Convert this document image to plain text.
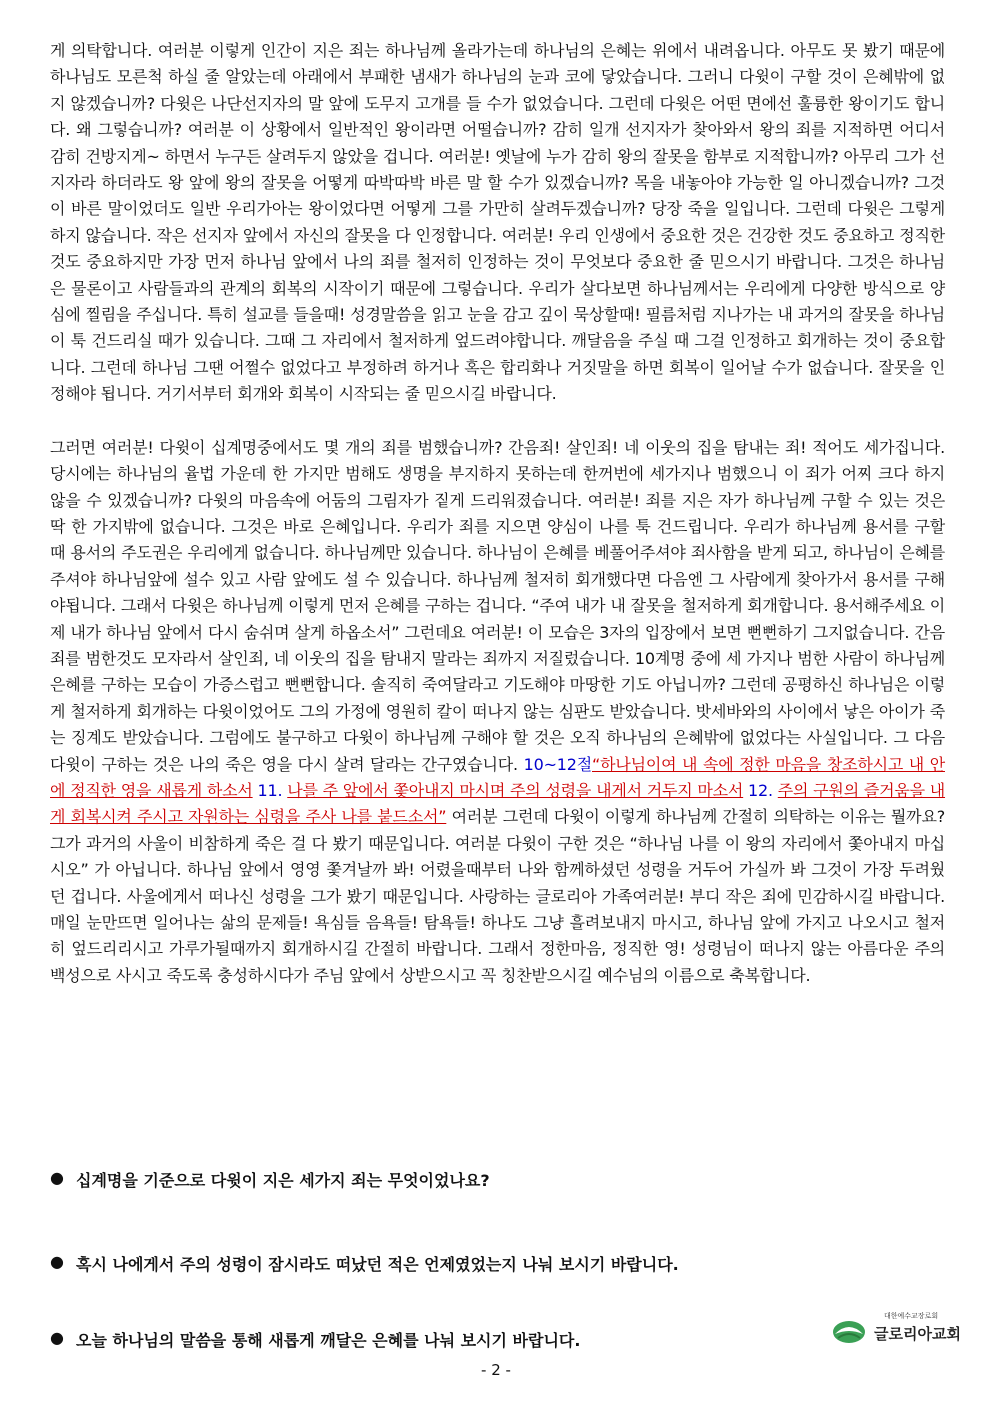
게 의탁합니다. 여러분 이렇게 인간이 지은 죄는 하나님께 올라가는데 하나님의 은혜는 위에서 내려옵니다. 아무도 못 봤기 때문에 하나님도 모른척 하실 줄 알았는데 아래에서 부패한 냄새가 하나님의 눈과 코에 닿았습니다. 그러니 다윗이 구할 것이 은혜밖에 없지 않겠습니까? 다윗은 나단선지자의 말 앞에 도무지 고개를 들 수가 없었습니다. 그런데 다윗은 어떤 면에선 훌륭한 왕이기도 합니다. 왜 그렇습니까? 여러분 이 상황에서 일반적인 왕이라면 어떨습니까? 감히 일개 선지자가 찾아와서 왕의 죄를 지적하면 어디서 감히 건방지게~ 하면서 누구든 살려두지 않았을 겁니다. 여러분! 옛날에 누가 감히 왕의 잘못을 함부로 지적합니까? 아무리 그가 선지자라 하더라도 왕 앞에 왕의 잘못을 어떻게 따박따박 바른 말 할 수가 있겠습니까? 목을 내놓아야 가능한 일 아니겠습니까? 그것이 바른 말이었더도 일반 우리가아는 왕이었다면 어떻게 그를 가만히 살려두겠습니까? 당장 죽을 일입니다. 그런데 다윗은 그렇게 하지 않습니다. 작은 선지자 앞에서 자신의 잘못을 다 인정합니다. 여러분! 우리 인생에서 중요한 것은 건강한 것도 중요하고 정직한 것도 중요하지만 가장 먼저 하나님 앞에서 나의 죄를 철저히 인정하는 것이 무엇보다 중요한 줄 믿으시기 바랍니다. 그것은 하나님은 물론이고 사람들과의 관계의 회복의 시작이기 때문에 그렇습니다. 우리가 살다보면 하나님께서는 우리에게 다양한 방식으로 양심에 찔림을 주십니다. 특히 설교를 들을때! 성경말씀을 읽고 눈을 감고 깊이 묵상할때! 필름처럼 지나가는 내 과거의 잘못을 하나님이 툭 건드리실 때가 있습니다. 그때 그 자리에서 철저하게 엎드려야합니다. 깨달음을 주실 때 그걸 인정하고 회개하는 것이 중요합니다. 그런데 하나님 그땐 어쩔수 없었다고 부정하려 하거나 혹은 합리화나 거짓말을 하면 회복이 일어날 수가 없습니다. 잘못을 인정해야 됩니다. 거기서부터 회개와 회복이 시작되는 줄 믿으시길 바랍니다.

그러면 여러분! 다윗이 십계명중에서도 몇 개의 죄를 범했습니까? 간음죄! 살인죄! 네 이웃의 집을 탐내는 죄! 적어도 세가집니다. 당시에는 하나님의 율법 가운데 한 가지만 범해도 생명을 부지하지 못하는데 한꺼번에 세가지나 범했으니 이 죄가 어찌 크다 하지 않을 수 있겠습니까? 다윗의 마음속에 어둠의 그림자가 짙게 드리워졌습니다. 여러분! 죄를 지은 자가 하나님께 구할 수 있는 것은 딱 한 가지밖에 없습니다. 그것은 바로 은혜입니다. 우리가 죄를 지으면 양심이 나를 툭 건드립니다. 우리가 하나님께 용서를 구할 때 용서의 주도권은 우리에게 없습니다. 하나님께만 있습니다. 하나님이 은혜를 베풀어주셔야 죄사함을 받게 되고, 하나님이 은혜를 주셔야 하나님앞에 설수 있고 사람 앞에도 설 수 있습니다. 하나님께 철저히 회개했다면 다음엔 그 사람에게 찾아가서 용서를 구해야됩니다. 그래서 다윗은 하나님께 이렇게 먼저 은혜를 구하는 겁니다. “주여 내가 내 잘못을 철저하게 회개합니다. 용서해주세요 이제 내가 하나님 앞에서 다시 숨쉬며 살게 하옵소서” 그런데요 여러분! 이 모습은 3자의 입장에서 보면 뻔뻔하기 그지없습니다. 간음죄를 범한것도 모자라서 살인죄, 네 이웃의 집을 탐내지 말라는 죄까지 저질렀습니다. 10계명 중에 세 가지나 범한 사람이 하나님께 은혜를 구하는 모습이 가증스럽고 뻔뻔합니다. 솔직히 죽여달라고 기도해야 마땅한 기도 아닙니까? 그런데 공평하신 하나님은 이렇게 철저하게 회개하는 다윗이었어도 그의 가정에 영원히 칼이 떠나지 않는 심판도 받았습니다. 밧세바와의 사이에서 낳은 아이가 죽는 징계도 받았습니다. 그럼에도 불구하고 다윗이 하나님께 구해야 할 것은 오직 하나님의 은혜밖에 없었다는 사실입니다. 그 다음 다윗이 구하는 것은 나의 죽은 영을 다시 살려 달라는 간구였습니다. 10~12절“하나님이여 내 속에 정한 마음을 창조하시고 내 안에 정직한 영을 새롭게 하소서 11. 나를 주 앞에서 쫓아내지 마시며 주의 성령을 내게서 거두지 마소서 12. 주의 구원의 즐거움을 내게 회복시켜 주시고 자원하는 심령을 주사 나를 붙드소서” 여러분 그런데 다윗이 이렇게 하나님께 간절히 의탁하는 이유는 뭘까요? 그가 과거의 사울이 비참하게 죽은 걸 다 봤기 때문입니다. 여러분 다윗이 구한 것은 “하나님 나를 이 왕의 자리에서 쫓아내지 마십시오” 가 아닙니다. 하나님 앞에서 영영 쫓겨날까 봐! 어렸을때부터 나와 함께하셨던 성령을 거두어 가실까 봐 그것이 가장 두려웠던 겁니다. 사울에게서 떠나신 성령을 그가 봤기 때문입니다. 사랑하는 글로리아 가족여러분! 부디 작은 죄에 민감하시길 바랍니다. 매일 눈만뜨면 일어나는 삶의 문제들! 욕심들 음욕들! 탐욕들! 하나도 그냥 흘려보내지 마시고, 하나님 앞에 가지고 나오시고 철저히 엎드리리시고 가루가될때까지 회개하시길 간절히 바랍니다. 그래서 정한마음, 정직한 영! 성령님이 떠나지 않는 아름다운 주의 백성으로 사시고 죽도록 충성하시다가 주님 앞에서 상받으시고 꼭 칭찬받으시길 예수님의 이름으로 축복합니다.

● 십계명을 기준으로 다윗이 지은 세가지 죄는 무엇이었나요?
● 혹시 나에게서 주의 성령이 잠시라도 떠났던 적은 언제였었는지 나눠 보시기 바랍니다.
● 오늘 하나님의 말씀을 통해 새롭게 깨달은 은혜를 나눠 보시기 바랍니다.
대한예수교장로회
글로리아교회
- 2 -
